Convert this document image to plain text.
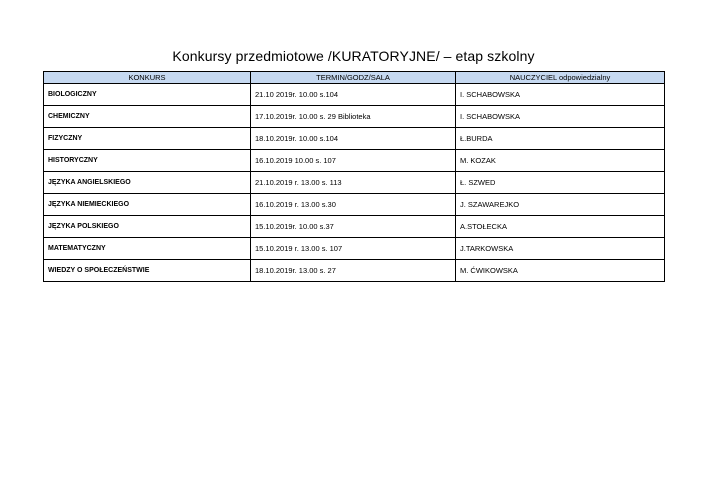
Konkursy przedmiotowe /KURATORYJNE/ – etap szkolny
KONKURS	TERMIN/GODZ/SALA	NAUCZYCIEL odpowiedzialny
BIOLOGICZNY	21.10 2019r. 10.00 s.104	I. SCHABOWSKA
CHEMICZNY	17.10.2019r. 10.00 s. 29 Biblioteka	I. SCHABOWSKA
FIZYCZNY	18.10.2019r. 10.00 s.104	Ł.BURDA
HISTORYCZNY	16.10.2019 10.00 s. 107	M. KOZAK
JĘZYKA ANGIELSKIEGO	21.10.2019 r. 13.00 s. 113	Ł. SZWED
JĘZYKA NIEMIECKIEGO	16.10.2019 r. 13.00 s.30	J. SZAWAREJKO
JĘZYKA POLSKIEGO	15.10.2019r. 10.00 s.37	A.STOŁECKA
MATEMATYCZNY	15.10.2019 r. 13.00 s. 107	J.TARKOWSKA
WIEDZY O SPOŁECZEŃSTWIE	18.10.2019r. 13.00 s. 27	M. ĆWIKOWSKA
